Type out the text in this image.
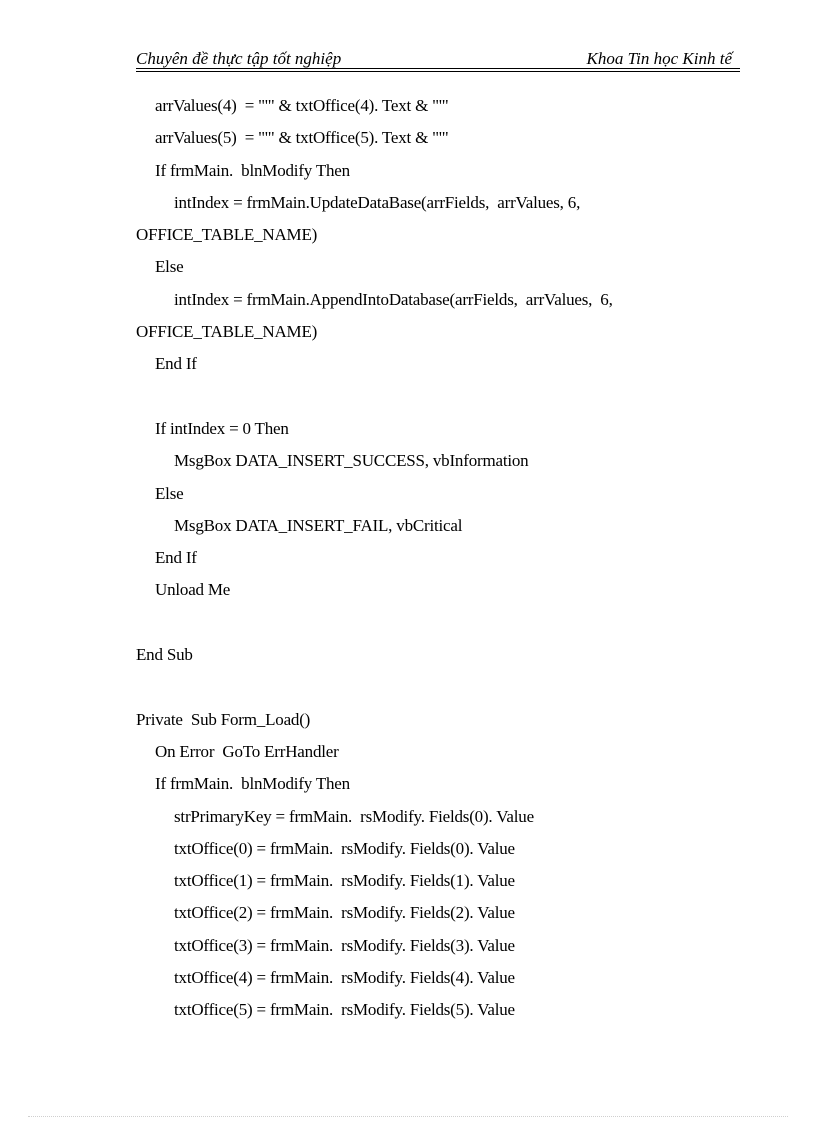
Chuyên đề thực tập tốt nghiệp	Khoa Tin học Kinh tế
arrValues(4)  = "'" & txtOffice(4). Text & "'"
arrValues(5)  = "'" & txtOffice(5). Text & "'"
If frmMain.  blnModify Then
intIndex = frmMain.UpdateDataBase(arrFields,  arrValues, 6,
OFFICE_TABLE_NAME)
Else
intIndex = frmMain.AppendIntoDatabase(arrFields,  arrValues,  6,
OFFICE_TABLE_NAME)
End If
If intIndex = 0 Then
MsgBox DATA_INSERT_SUCCESS, vbInformation
Else
MsgBox DATA_INSERT_FAIL, vbCritical
End If
Unload Me
End Sub
Private  Sub Form_Load()
On Error  GoTo ErrHandler
If frmMain.  blnModify Then
strPrimaryKey = frmMain.  rsModify. Fields(0). Value
txtOffice(0) = frmMain.  rsModify. Fields(0). Value
txtOffice(1) = frmMain.  rsModify. Fields(1). Value
txtOffice(2) = frmMain.  rsModify. Fields(2). Value
txtOffice(3) = frmMain.  rsModify. Fields(3). Value
txtOffice(4) = frmMain.  rsModify. Fields(4). Value
txtOffice(5) = frmMain.  rsModify. Fields(5). Value
